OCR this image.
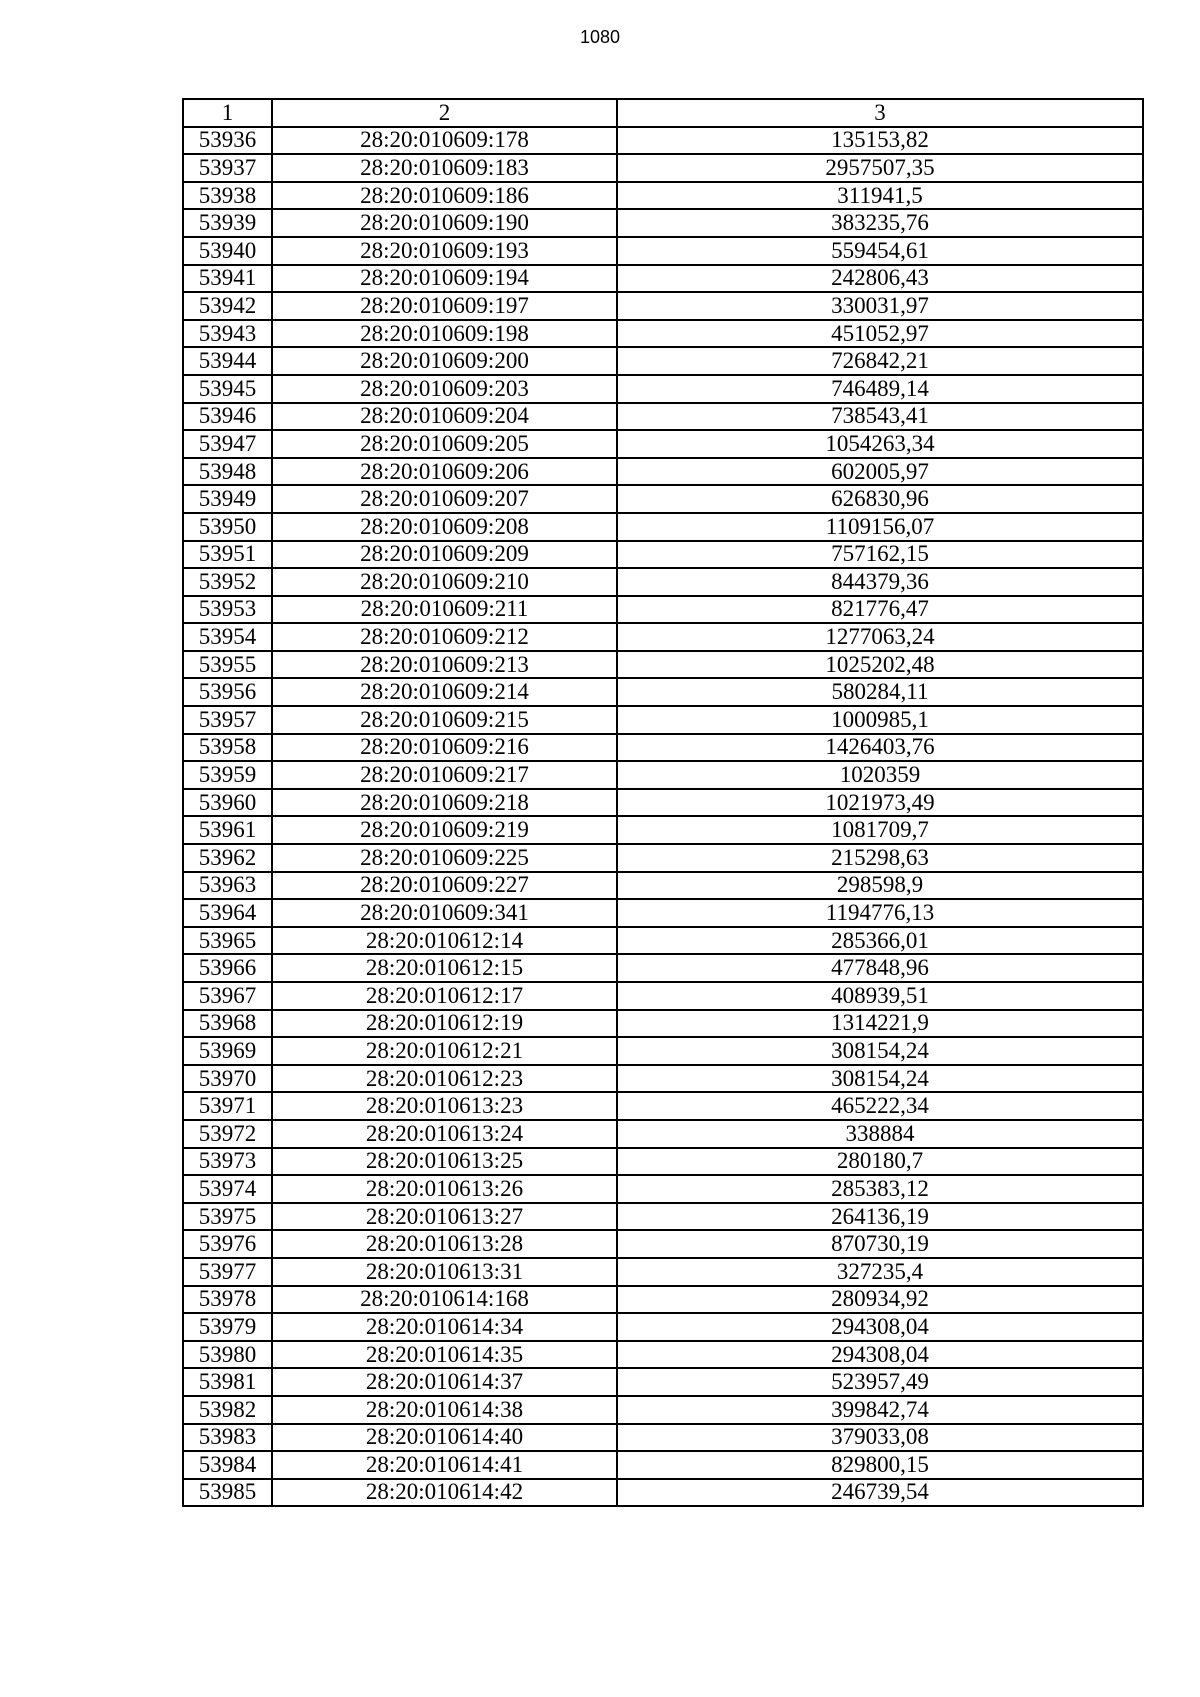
1080
1	2	3
53936	28:20:010609:178	135153,82
53937	28:20:010609:183	2957507,35
53938	28:20:010609:186	311941,5
53939	28:20:010609:190	383235,76
53940	28:20:010609:193	559454,61
53941	28:20:010609:194	242806,43
53942	28:20:010609:197	330031,97
53943	28:20:010609:198	451052,97
53944	28:20:010609:200	726842,21
53945	28:20:010609:203	746489,14
53946	28:20:010609:204	738543,41
53947	28:20:010609:205	1054263,34
53948	28:20:010609:206	602005,97
53949	28:20:010609:207	626830,96
53950	28:20:010609:208	1109156,07
53951	28:20:010609:209	757162,15
53952	28:20:010609:210	844379,36
53953	28:20:010609:211	821776,47
53954	28:20:010609:212	1277063,24
53955	28:20:010609:213	1025202,48
53956	28:20:010609:214	580284,11
53957	28:20:010609:215	1000985,1
53958	28:20:010609:216	1426403,76
53959	28:20:010609:217	1020359
53960	28:20:010609:218	1021973,49
53961	28:20:010609:219	1081709,7
53962	28:20:010609:225	215298,63
53963	28:20:010609:227	298598,9
53964	28:20:010609:341	1194776,13
53965	28:20:010612:14	285366,01
53966	28:20:010612:15	477848,96
53967	28:20:010612:17	408939,51
53968	28:20:010612:19	1314221,9
53969	28:20:010612:21	308154,24
53970	28:20:010612:23	308154,24
53971	28:20:010613:23	465222,34
53972	28:20:010613:24	338884
53973	28:20:010613:25	280180,7
53974	28:20:010613:26	285383,12
53975	28:20:010613:27	264136,19
53976	28:20:010613:28	870730,19
53977	28:20:010613:31	327235,4
53978	28:20:010614:168	280934,92
53979	28:20:010614:34	294308,04
53980	28:20:010614:35	294308,04
53981	28:20:010614:37	523957,49
53982	28:20:010614:38	399842,74
53983	28:20:010614:40	379033,08
53984	28:20:010614:41	829800,15
53985	28:20:010614:42	246739,54
